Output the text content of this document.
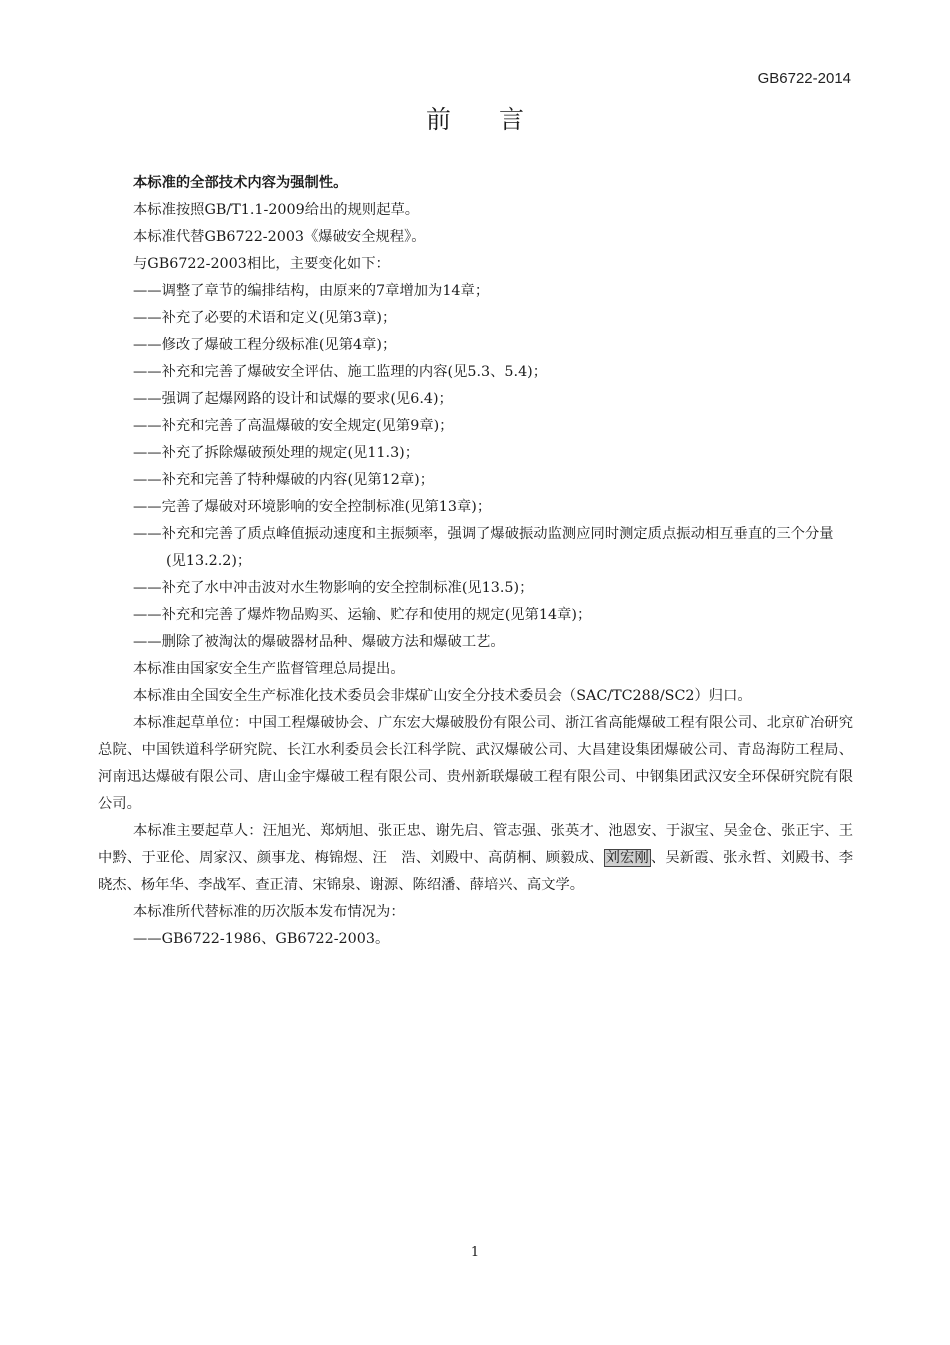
GB6722-2014
前言

本标准的全部技术内容为强制性。

本标准按照GB/T1.1-2009给出的规则起草。

本标准代替GB6722-2003《爆破安全规程》。

与GB6722-2003相比，主要变化如下：

——调整了章节的编排结构，由原来的7章增加为14章；

——补充了必要的术语和定义(见第3章)；

——修改了爆破工程分级标准(见第4章)；

——补充和完善了爆破安全评估、施工监理的内容(见5.3、5.4)；

——强调了起爆网路的设计和试爆的要求(见6.4)；

——补充和完善了高温爆破的安全规定(见第9章)；

——补充了拆除爆破预处理的规定(见11.3)；

——补充和完善了特种爆破的内容(见第12章)；

——完善了爆破对环境影响的安全控制标准(见第13章)；

——补充和完善了质点峰值振动速度和主振频率，强调了爆破振动监测应同时测定质点振动相互垂直的三个分量(见13.2.2)；

——补充了水中冲击波对水生物影响的安全控制标准(见13.5)；

——补充和完善了爆炸物品购买、运输、贮存和使用的规定(见第14章)；

——删除了被淘汰的爆破器材品种、爆破方法和爆破工艺。

本标准由国家安全生产监督管理总局提出。

本标准由全国安全生产标准化技术委员会非煤矿山安全分技术委员会（SAC/TC288/SC2）归口。

本标准起草单位：中国工程爆破协会、广东宏大爆破股份有限公司、浙江省高能爆破工程有限公司、北京矿冶研究总院、中国铁道科学研究院、长江水利委员会长江科学院、武汉爆破公司、大昌建设集团爆破公司、青岛海防工程局、河南迅达爆破有限公司、唐山金宇爆破工程有限公司、贵州新联爆破工程有限公司、中钢集团武汉安全环保研究院有限公司。

本标准主要起草人：汪旭光、郑炳旭、张正忠、谢先启、管志强、张英才、池恩安、于淑宝、吴金仓、张正宇、王中黔、于亚伦、周家汉、颜事龙、梅锦煜、汪　浩、刘殿中、高荫桐、顾毅成、 刘宏刚 、吴新霞、张永哲、刘殿书、李晓杰、杨年华、李战军、查正清、宋锦泉、谢源、陈绍潘、薛培兴、高文学。

本标准所代替标准的历次版本发布情况为：

——GB6722-1986、GB6722-2003。

1
